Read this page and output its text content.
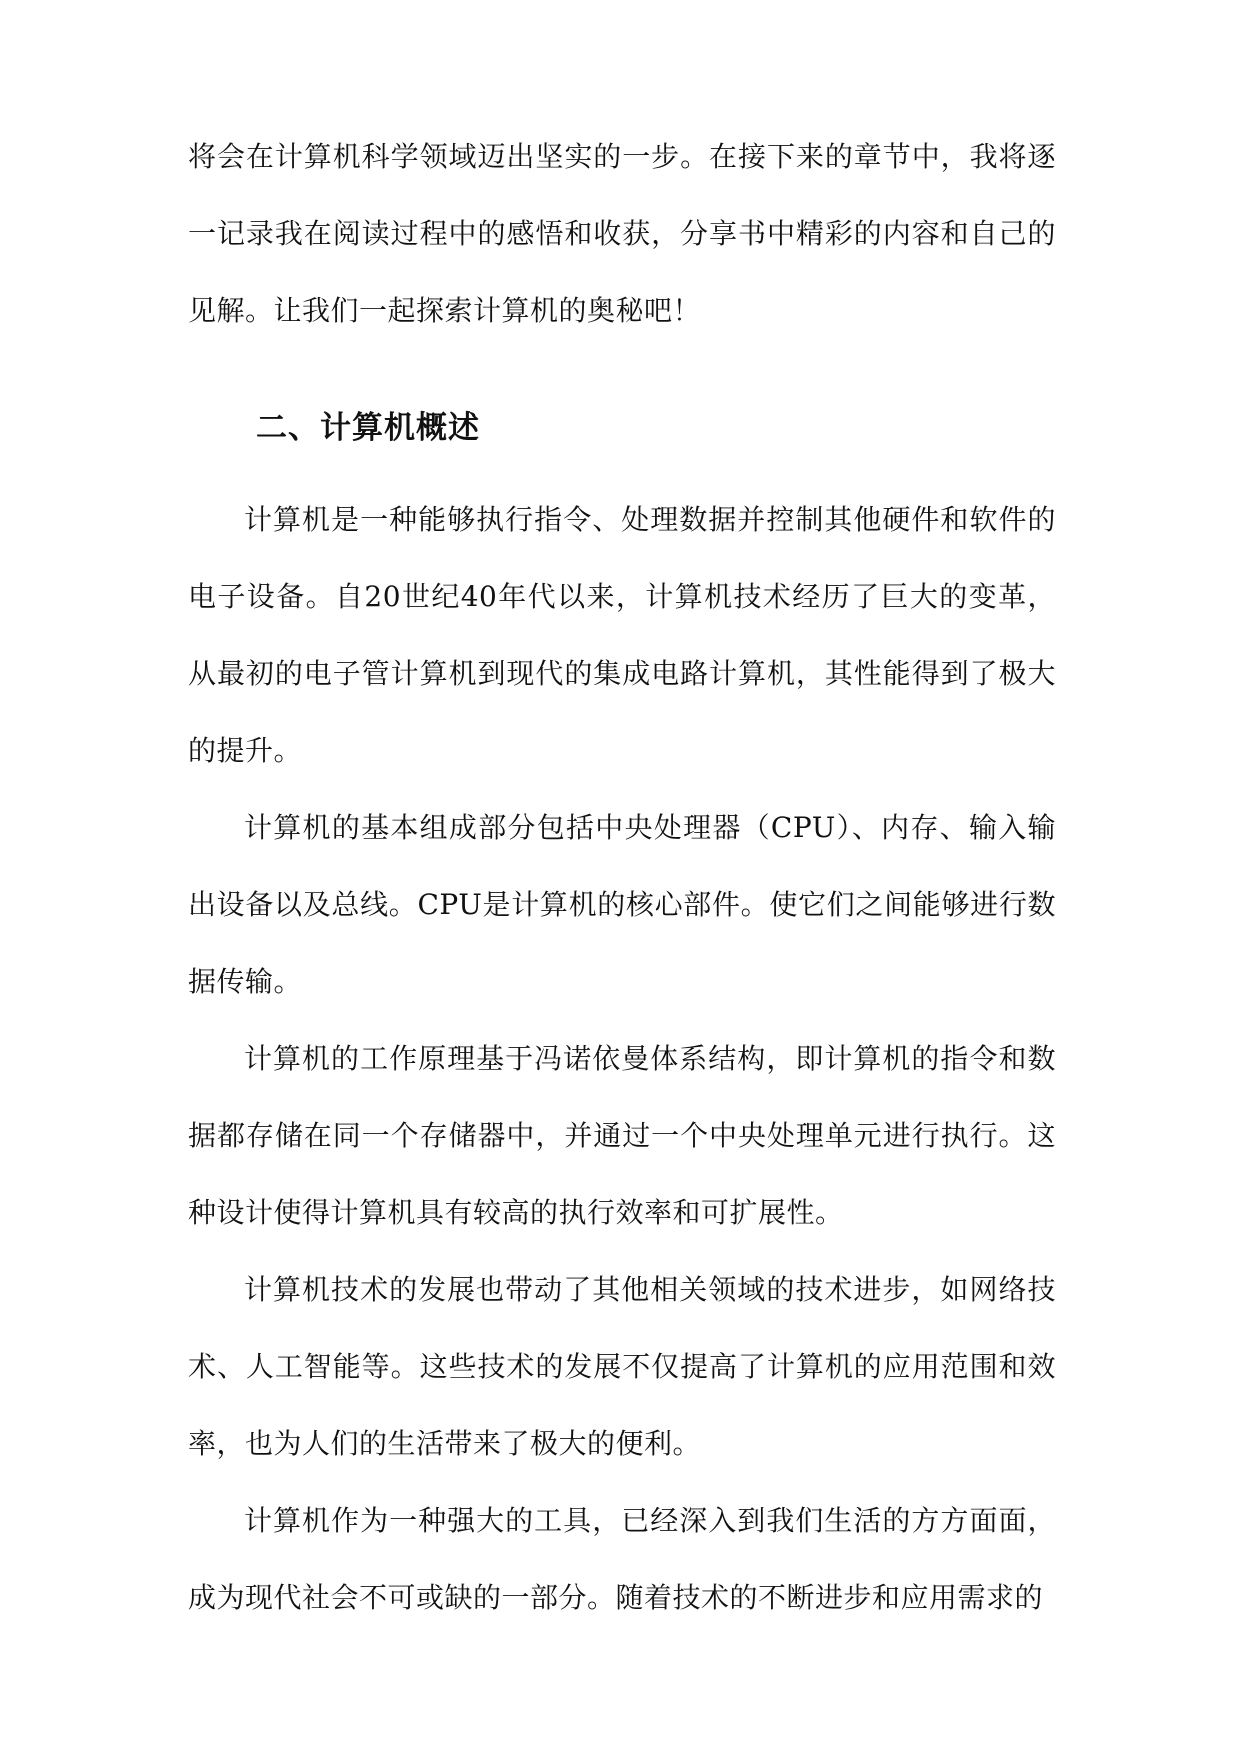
将会在计算机科学领域迈出坚实的一步。在接下来的章节中，我将逐一记录我在阅读过程中的感悟和收获，分享书中精彩的内容和自己的见解。让我们一起探索计算机的奥秘吧！

二、计算机概述

计算机是一种能够执行指令、处理数据并控制其他硬件和软件的电子设备。自20世纪40年代以来，计算机技术经历了巨大的变革，从最初的电子管计算机到现代的集成电路计算机，其性能得到了极大的提升。

计算机的基本组成部分包括中央处理器（CPU）、内存、输入输出设备以及总线。CPU是计算机的核心部件。使它们之间能够进行数据传输。

计算机的工作原理基于冯诺依曼体系结构，即计算机的指令和数据都存储在同一个存储器中，并通过一个中央处理单元进行执行。这种设计使得计算机具有较高的执行效率和可扩展性。

计算机技术的发展也带动了其他相关领域的技术进步，如网络技术、人工智能等。这些技术的发展不仅提高了计算机的应用范围和效率，也为人们的生活带来了极大的便利。

计算机作为一种强大的工具，已经深入到我们生活的方方面面，成为现代社会不可或缺的一部分。随着技术的不断进步和应用需求的
